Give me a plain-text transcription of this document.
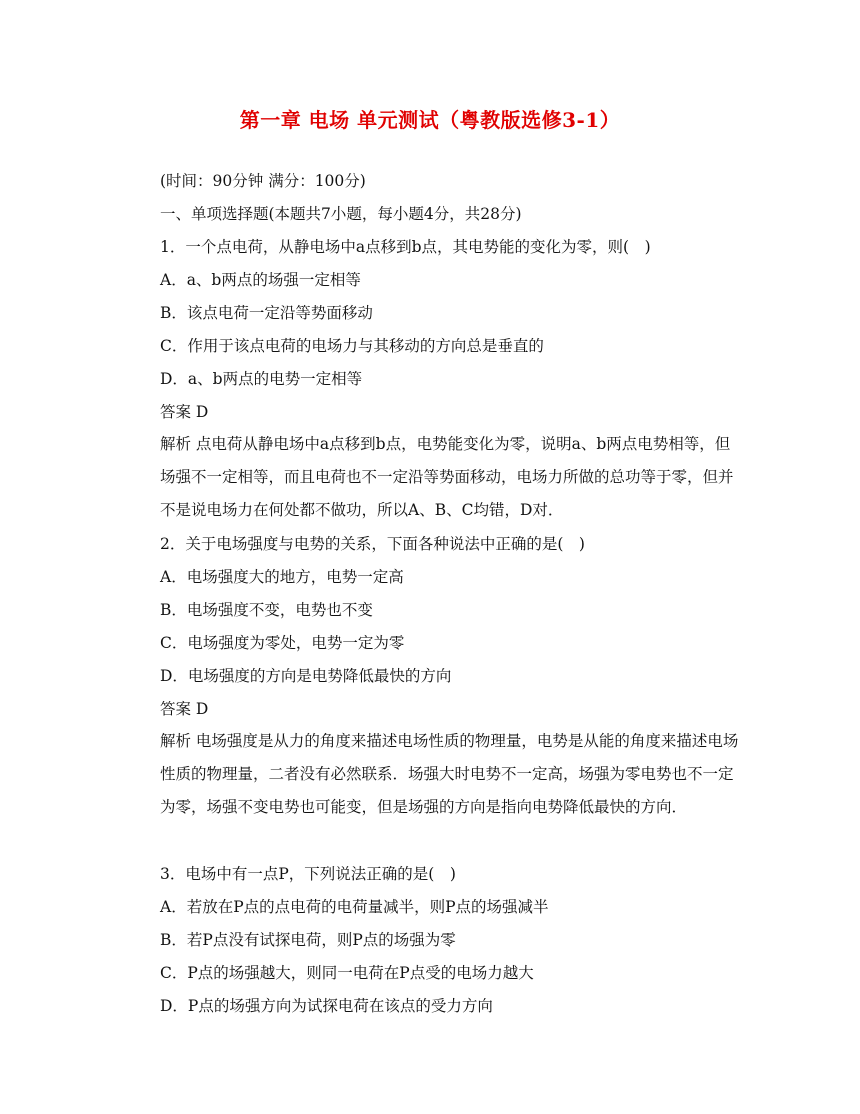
第一章 电场 单元测试（粤教版选修3-1）
(时间：90分钟 满分：100分)
一、单项选择题(本题共7小题，每小题4分，共28分)
1．一个点电荷，从静电场中a点移到b点，其电势能的变化为零，则(　)
A．a、b两点的场强一定相等
B．该点电荷一定沿等势面移动
C．作用于该点电荷的电场力与其移动的方向总是垂直的
D．a、b两点的电势一定相等
答案 D
解析 点电荷从静电场中a点移到b点，电势能变化为零，说明a、b两点电势相等，但场强不一定相等，而且电荷也不一定沿等势面移动，电场力所做的总功等于零，但并不是说电场力在何处都不做功，所以A、B、C均错，D对．
2．关于电场强度与电势的关系，下面各种说法中正确的是(　)
A．电场强度大的地方，电势一定高
B．电场强度不变，电势也不变
C．电场强度为零处，电势一定为零
D．电场强度的方向是电势降低最快的方向
答案 D
解析 电场强度是从力的角度来描述电场性质的物理量，电势是从能的角度来描述电场性质的物理量，二者没有必然联系．场强大时电势不一定高，场强为零电势也不一定为零，场强不变电势也可能变，但是场强的方向是指向电势降低最快的方向．
3．电场中有一点P，下列说法正确的是(　)
A．若放在P点的点电荷的电荷量减半，则P点的场强减半
B．若P点没有试探电荷，则P点的场强为零
C．P点的场强越大，则同一电荷在P点受的电场力越大
D．P点的场强方向为试探电荷在该点的受力方向
